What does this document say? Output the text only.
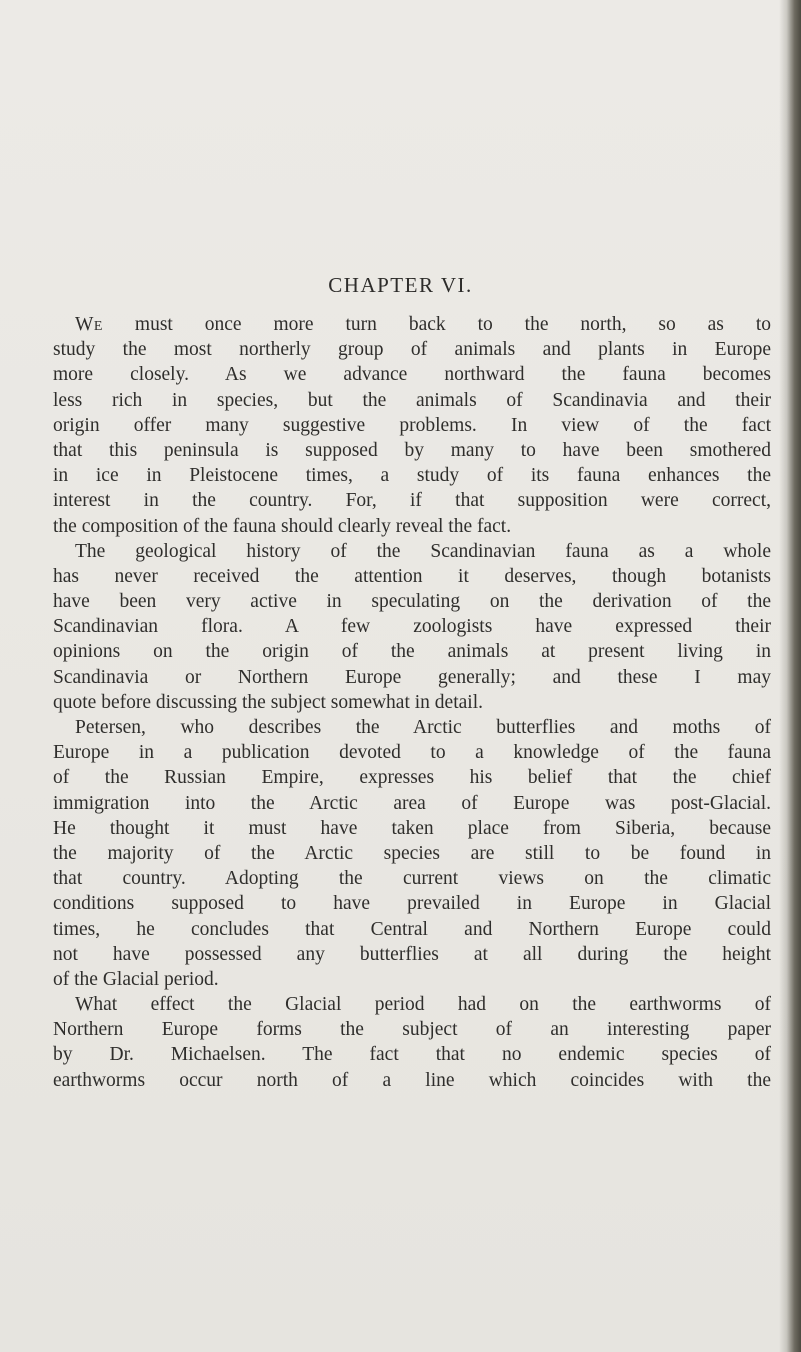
CHAPTER VI.
We must once more turn back to the north, so as to
study the most northerly group of animals and plants in Europe
more closely. As we advance northward the fauna becomes
less rich in species, but the animals of Scandinavia and their
origin offer many suggestive problems. In view of the fact
that this peninsula is supposed by many to have been smothered
in ice in Pleistocene times, a study of its fauna enhances the
interest in the country. For, if that supposition were correct,
the composition of the fauna should clearly reveal the fact.
The geological history of the Scandinavian fauna as a whole
has never received the attention it deserves, though botanists
have been very active in speculating on the derivation of the
Scandinavian flora. A few zoologists have expressed their
opinions on the origin of the animals at present living in
Scandinavia or Northern Europe generally; and these I may
quote before discussing the subject somewhat in detail.
Petersen, who describes the Arctic butterflies and moths of
Europe in a publication devoted to a knowledge of the fauna
of the Russian Empire, expresses his belief that the chief
immigration into the Arctic area of Europe was post-Glacial.
He thought it must have taken place from Siberia, because
the majority of the Arctic species are still to be found in
that country. Adopting the current views on the climatic
conditions supposed to have prevailed in Europe in Glacial
times, he concludes that Central and Northern Europe could
not have possessed any butterflies at all during the height
of the Glacial period.
What effect the Glacial period had on the earthworms of
Northern Europe forms the subject of an interesting paper
by Dr. Michaelsen. The fact that no endemic species of
earthworms occur north of a line which coincides with the
